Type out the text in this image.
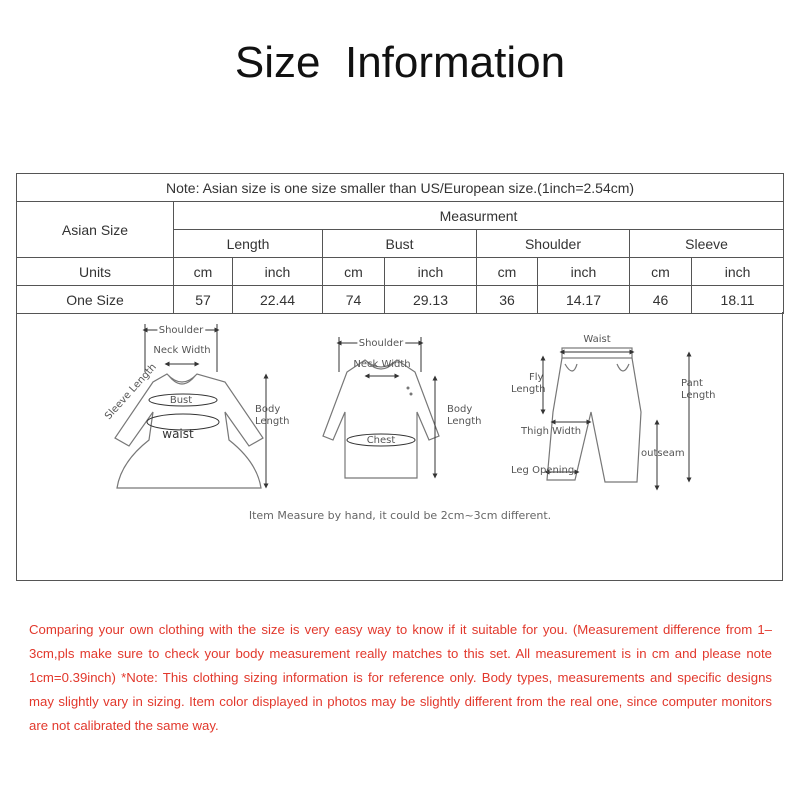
Size  Information
Note: Asian size is one size smaller than US/European size.(1inch=2.54cm)								
Asian Size	Measurment							
	Length		Bust		Shoulder		Sleeve	
Units	cm	inch	cm	inch	cm	inch	cm	inch
One Size	57	22.44	74	29.13	36	14.17	46	18.11
Shoulder
Neck Width
Sleeve Length Bust
waist
Body
Length
Shoulder
Neck Width
Body
Length
Chest
Waist
Fly
Length
Pant
Length
Thigh Width
outseam
Leg Opening
Item Measure by hand, it could be 2cm~3cm different.
Comparing your own clothing with the size is very easy way to know if it suitable for you. (Measurement difference from 1– 3cm,pls make sure to check your body measurement really matches to this set. All measurement is in cm and please note 1cm=0.39inch) *Note: This clothing sizing information is for reference only. Body types, measurements and specific designs may slightly vary in sizing. Item color displayed in photos may be slightly different from the real one, since computer monitors are not calibrated the same way.
